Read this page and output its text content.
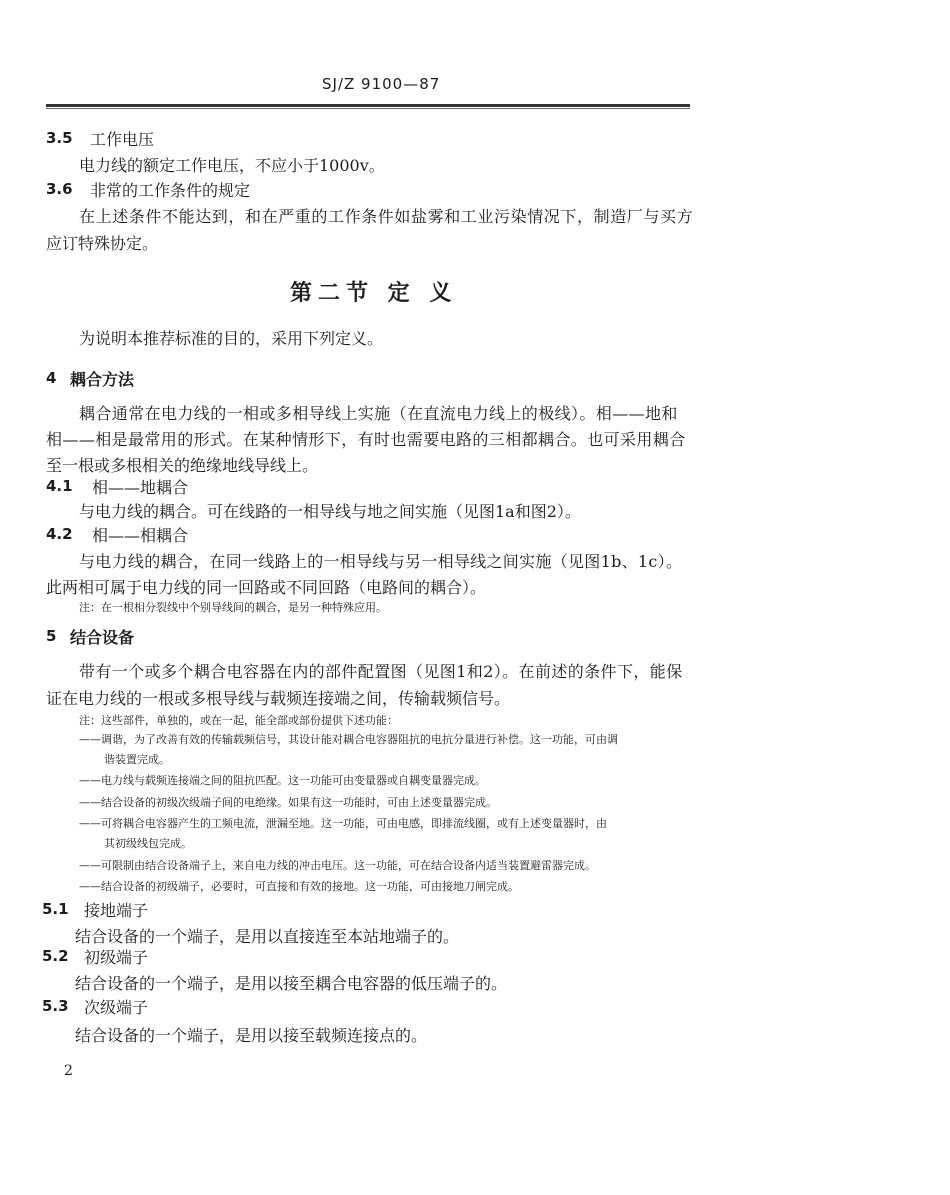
SJ/Z 9100—87
3.5 工作电压
电力线的额定工作电压，不应小于1000v。
3.6 非常的工作条件的规定
在上述条件不能达到，和在严重的工作条件如盐雾和工业污染情况下，制造厂与买方
应订特殊协定。
第二节 定 义
为说明本推荐标准的目的，采用下列定义。
4 耦合方法
耦合通常在电力线的一相或多相导线上实施（在直流电力线上的极线）。相——地和
相——相是最常用的形式。在某种情形下，有时也需要电路的三相都耦合。也可采用耦合
至一根或多根相关的绝缘地线导线上。
4.1 相——地耦合
与电力线的耦合。可在线路的一相导线与地之间实施（见图1a和图2）。
4.2 相——相耦合
与电力线的耦合，在同一线路上的一相导线与另一相导线之间实施（见图1b、1c）。
此两相可属于电力线的同一回路或不同回路（电路间的耦合）。
注：在一根相分裂线中个别导线间的耦合，是另一种特殊应用。
5 结合设备
带有一个或多个耦合电容器在内的部件配置图（见图1和2）。在前述的条件下，能保
证在电力线的一根或多根导线与载频连接端之间，传输载频信号。
注：这些部件，单独的，或在一起，能全部或部份提供下述功能：
——调谐，为了改善有效的传输载频信号，其设计能对耦合电容器阻抗的电抗分量进行补偿。这一功能，可由调
谐装置完成。
——电力线与载频连接端之间的阻抗匹配。这一功能可由变量器或自耦变量器完成。
——结合设备的初级次级端子间的电绝缘。如果有这一功能时，可由上述变量器完成。
——可将耦合电容器产生的工频电流，泄漏至地。这一功能，可由电感，即排流线圈，或有上述变量器时，由
其初级线包完成。
——可限制由结合设备端子上，来自电力线的冲击电压。这一功能，可在结合设备内适当装置避雷器完成。
——结合设备的初级端子，必要时，可直接和有效的接地。这一功能，可由接地刀闸完成。
5.1 接地端子
结合设备的一个端子，是用以直接连至本站地端子的。
5.2 初级端子
结合设备的一个端子，是用以接至耦合电容器的低压端子的。
5.3 次级端子
结合设备的一个端子，是用以接至载频连接点的。
2
